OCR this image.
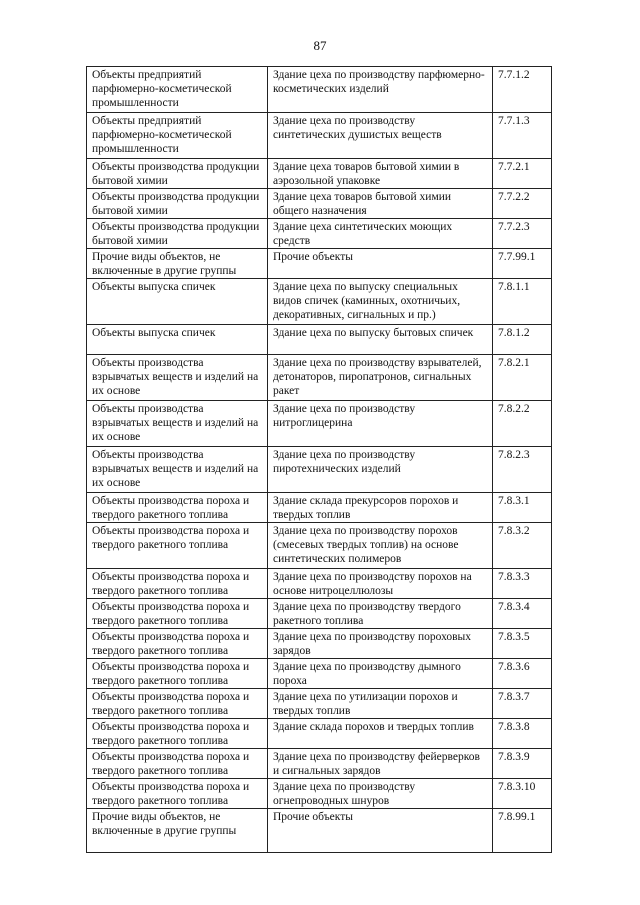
87
Объекты предприятий парфюмерно-косметической промышленности	Здание цеха по производству парфюмерно-косметических изделий	7.7.1.2
Объекты предприятий парфюмерно-косметической промышленности	Здание цеха по производству синтетических душистых веществ	7.7.1.3
Объекты производства продукции бытовой химии	Здание цеха товаров бытовой химии в аэрозольной упаковке	7.7.2.1
Объекты производства продукции бытовой химии	Здание цеха товаров бытовой химии общего назначения	7.7.2.2
Объекты производства продукции бытовой химии	Здание цеха синтетических моющих средств	7.7.2.3
Прочие виды объектов, не включенные в другие группы	Прочие объекты	7.7.99.1
Объекты выпуска спичек	Здание цеха по выпуску специальных видов спичек (каминных, охотничьих, декоративных, сигнальных и пр.)	7.8.1.1
Объекты выпуска спичек	Здание цеха по выпуску бытовых спичек	7.8.1.2
Объекты производства взрывчатых веществ и изделий на их основе	Здание цеха по производству взрывателей, детонаторов, пиропатронов, сигнальных ракет	7.8.2.1
Объекты производства взрывчатых веществ и изделий на их основе	Здание цеха по производству нитроглицерина	7.8.2.2
Объекты производства взрывчатых веществ и изделий на их основе	Здание цеха по производству пиротехнических изделий	7.8.2.3
Объекты производства пороха и твердого ракетного топлива	Здание склада прекурсоров порохов и твердых топлив	7.8.3.1
Объекты производства пороха и твердого ракетного топлива	Здание цеха по производству порохов (смесевых твердых топлив) на основе синтетических полимеров	7.8.3.2
Объекты производства пороха и твердого ракетного топлива	Здание цеха по производству порохов на основе нитроцеллюлозы	7.8.3.3
Объекты производства пороха и твердого ракетного топлива	Здание цеха по производству твердого ракетного топлива	7.8.3.4
Объекты производства пороха и твердого ракетного топлива	Здание цеха по производству пороховых зарядов	7.8.3.5
Объекты производства пороха и твердого ракетного топлива	Здание цеха по производству дымного пороха	7.8.3.6
Объекты производства пороха и твердого ракетного топлива	Здание цеха по утилизации порохов и твердых топлив	7.8.3.7
Объекты производства пороха и твердого ракетного топлива	Здание склада порохов и твердых топлив	7.8.3.8
Объекты производства пороха и твердого ракетного топлива	Здание цеха по производству фейерверков и сигнальных зарядов	7.8.3.9
Объекты производства пороха и твердого ракетного топлива	Здание цеха по производству огнепроводных шнуров	7.8.3.10
Прочие виды объектов, не включенные в другие группы	Прочие объекты	7.8.99.1
